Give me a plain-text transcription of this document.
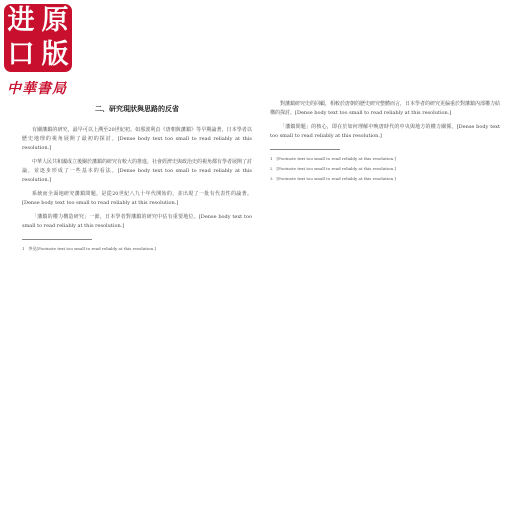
进 原
口 版
中華書局
二、研究現狀與思路的反省

有關藩鎮的研究，最早可以上溯至20世紀初。如那波利貞《唐朝與藩鎮》等早期論著，日本學者以歷史地理的視角展開了最初的探討。[Dense body text too small to read reliably at this resolution.]

中華人民共和國成立後關於藩鎮的研究有較大的推進，社會經濟史與政治史的視角都有學者展開了討論，並逐步形成了一些基本的看法。[Dense body text too small to read reliably at this resolution.]

系統而全面地研究藩鎮問題，是從20世紀八九十年代開始的，並出現了一批有代表性的論著。[Dense body text too small to read reliably at this resolution.]

「藩鎮的權力構造研究」一節，日本學者對藩鎮的研究中佔有重要地位。[Dense body text too small to read reliably at this resolution.]

1　參見[Footnote text too small to read reliably at this resolution.]

對藩鎮研究史的回顧，相較於唐朝的歷史研究整體而言，日本學者的研究更偏重於對藩鎮內部權力結構的探討。[Dense body text too small to read reliably at this resolution.]

「藩鎮問題」的核心，即在於如何理解中晚唐時代的中央與地方的權力關係。[Dense body text too small to read reliably at this resolution.]

1　[Footnote text too small to read reliably at this resolution.]

2　[Footnote text too small to read reliably at this resolution.]

3　[Footnote text too small to read reliably at this resolution.]
